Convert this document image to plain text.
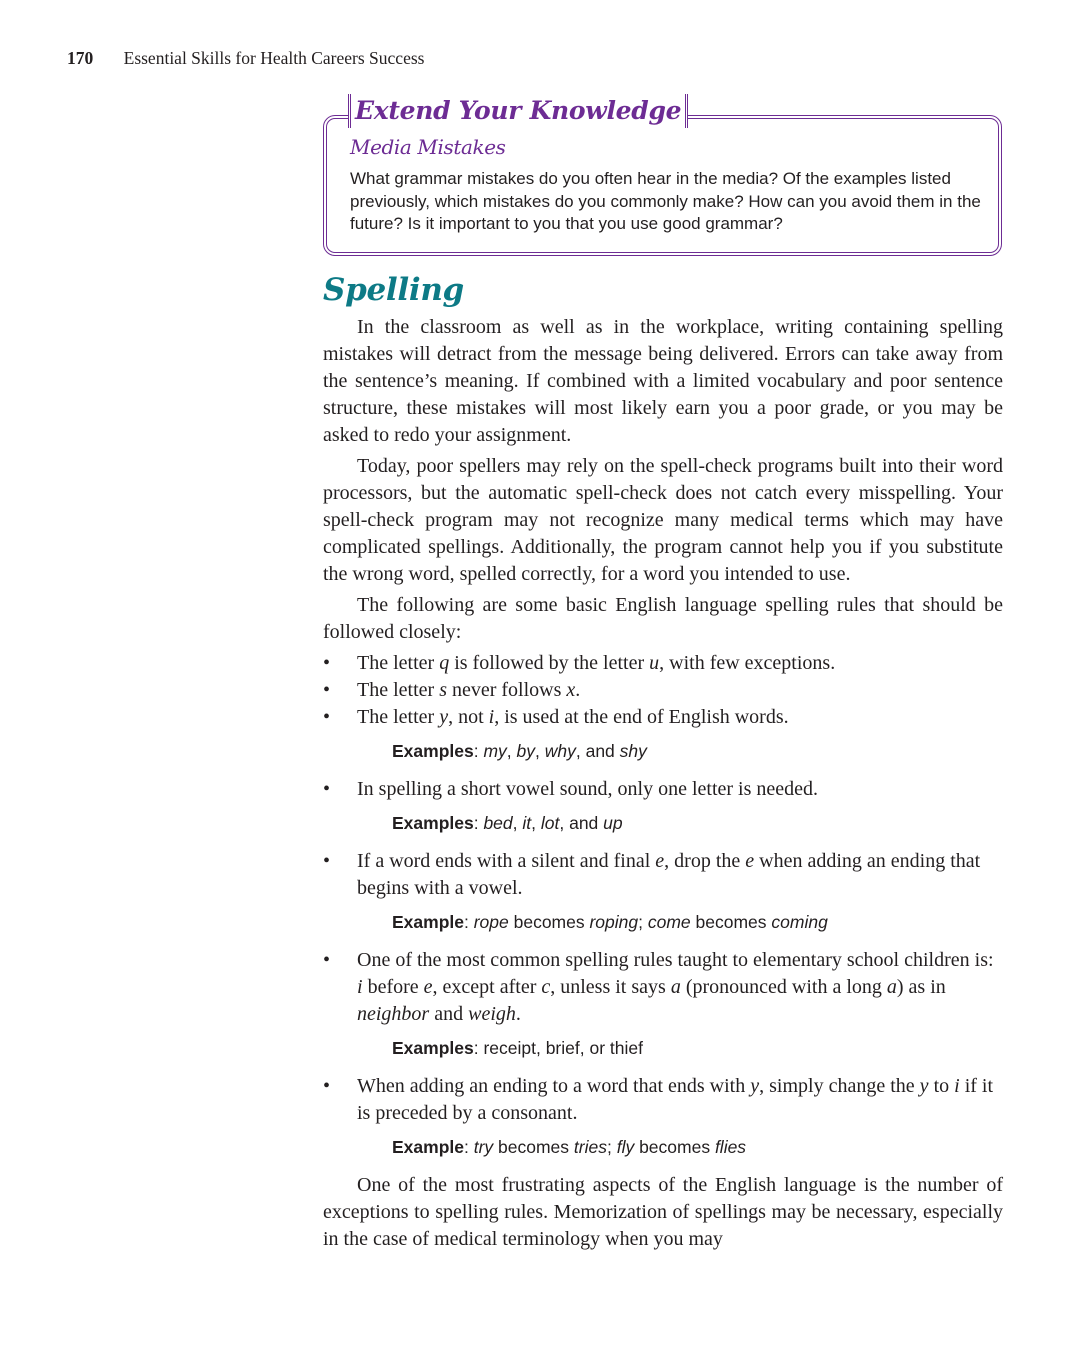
170 Essential Skills for Health Careers Success
Extend Your Knowledge
Media Mistakes
What grammar mistakes do you often hear in the media? Of the examples listed previously, which mistakes do you commonly make? How can you avoid them in the future? Is it important to you that you use good grammar?
Spelling

In the classroom as well as in the workplace, writing containing spelling mistakes will detract from the message being delivered. Errors can take away from the sentence’s meaning. If combined with a limited vocabulary and poor sentence structure, these mistakes will most likely earn you a poor grade, or you may be asked to redo your assignment.

Today, poor spellers may rely on the spell-check programs built into their word processors, but the automatic spell-check does not catch every misspelling. Your spell-check program may not recognize many medical terms which may have complicated spellings. Additionally, the program cannot help you if you substitute the wrong word, spelled correctly, for a word you intended to use.

The following are some basic English language spelling rules that should be followed closely:

• The letter q is followed by the letter u, with few exceptions.
• The letter s never follows x.
• The letter y, not i, is used at the end of English words.
Examples: my, by, why, and shy
• In spelling a short vowel sound, only one letter is needed.
Examples: bed, it, lot, and up
• If a word ends with a silent and final e, drop the e when adding an ending that begins with a vowel.
Example: rope becomes roping; come becomes coming
• One of the most common spelling rules taught to elementary school children is: i before e, except after c, unless it says a (pronounced with a long a) as in neighbor and weigh.
Examples: receipt, brief, or thief
• When adding an ending to a word that ends with y, simply change the y to i if it is preceded by a consonant.
Example: try becomes tries; fly becomes flies

One of the most frustrating aspects of the English language is the number of exceptions to spelling rules. Memorization of spellings may be necessary, especially in the case of medical terminology when you may
